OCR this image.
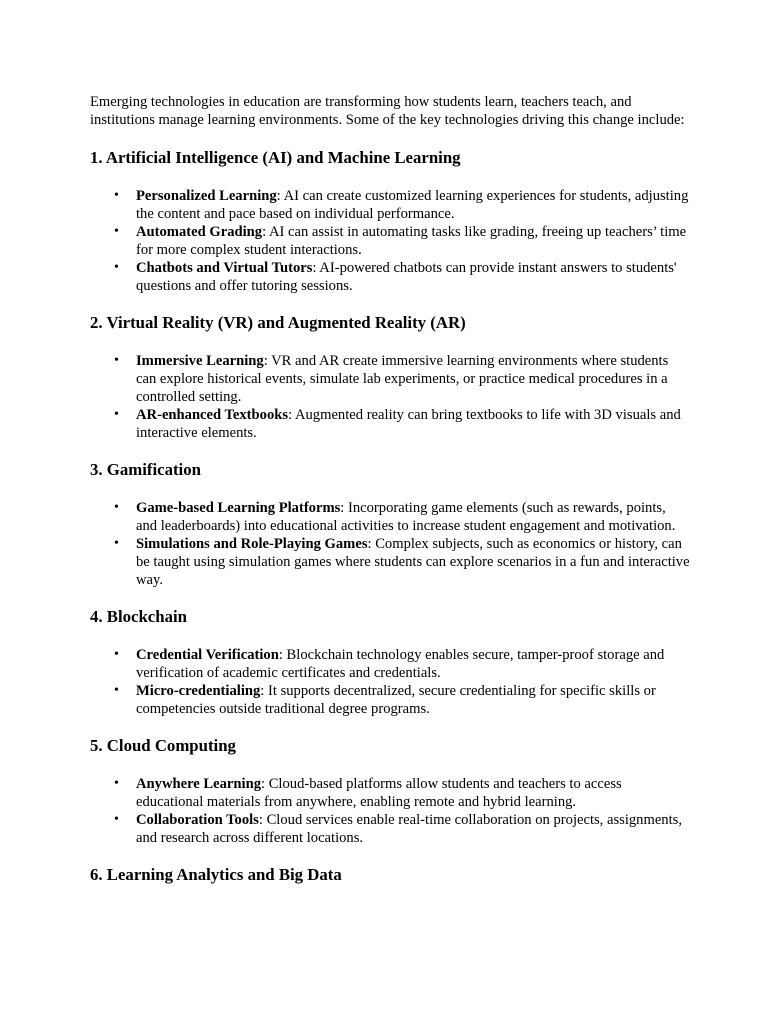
Emerging technologies in education are transforming how students learn, teachers teach, and institutions manage learning environments. Some of the key technologies driving this change include:

1. Artificial Intelligence (AI) and Machine Learning
• Personalized Learning: AI can create customized learning experiences for students, adjusting the content and pace based on individual performance.
• Automated Grading: AI can assist in automating tasks like grading, freeing up teachers’ time for more complex student interactions.
• Chatbots and Virtual Tutors: AI-powered chatbots can provide instant answers to students' questions and offer tutoring sessions.
2. Virtual Reality (VR) and Augmented Reality (AR)
• Immersive Learning: VR and AR create immersive learning environments where students can explore historical events, simulate lab experiments, or practice medical procedures in a controlled setting.
• AR-enhanced Textbooks: Augmented reality can bring textbooks to life with 3D visuals and interactive elements.
3. Gamification
• Game-based Learning Platforms: Incorporating game elements (such as rewards, points, and leaderboards) into educational activities to increase student engagement and motivation.
• Simulations and Role-Playing Games: Complex subjects, such as economics or history, can be taught using simulation games where students can explore scenarios in a fun and interactive way.
4. Blockchain
• Credential Verification: Blockchain technology enables secure, tamper-proof storage and verification of academic certificates and credentials.
• Micro-credentialing: It supports decentralized, secure credentialing for specific skills or competencies outside traditional degree programs.
5. Cloud Computing
• Anywhere Learning: Cloud-based platforms allow students and teachers to access educational materials from anywhere, enabling remote and hybrid learning.
• Collaboration Tools: Cloud services enable real-time collaboration on projects, assignments, and research across different locations.
6. Learning Analytics and Big Data
